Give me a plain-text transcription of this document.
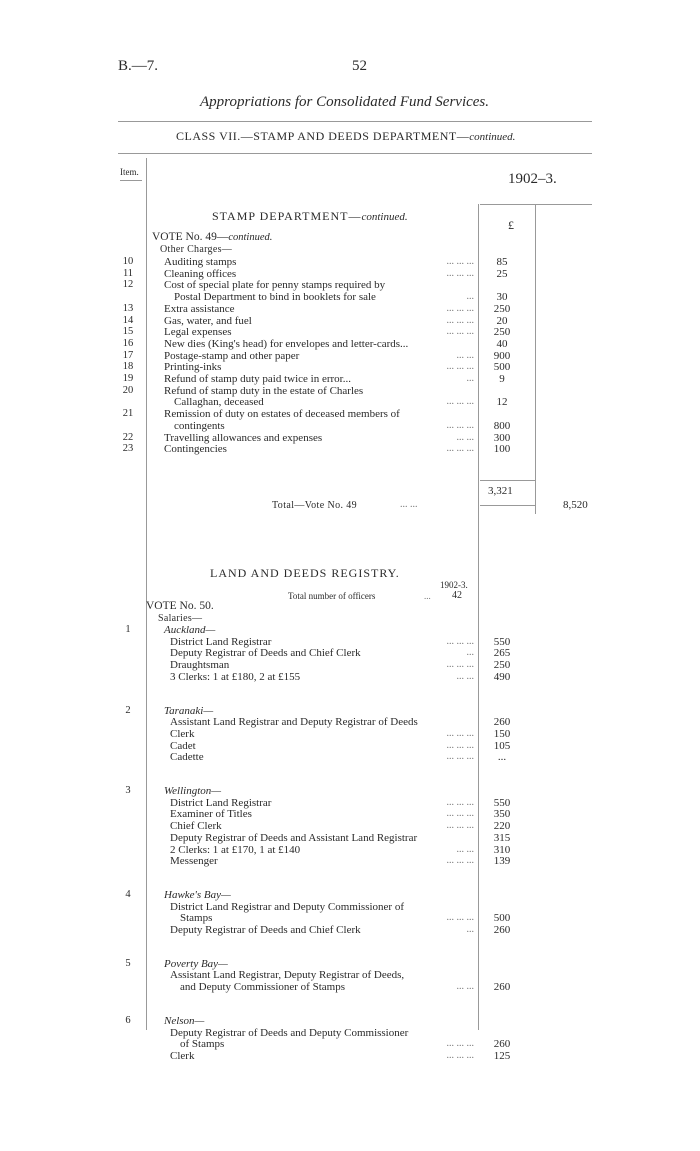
B.—7.	52
Appropriations for Consolidated Fund Services.
CLASS VII.—STAMP AND DEEDS DEPARTMENT—continued.
Item.	1902–3.
£
STAMP DEPARTMENT—continued.
VOTE No. 49—continued.
Other Charges—
10	Auditing stamps	... ... ...	85
11	Cleaning offices	... ... ...	25
12	Cost of special plate for penny stamps required by
Postal Department to bind in booklets for sale	...	30
13	Extra assistance	... ... ...	250
14	Gas, water, and fuel	... ... ...	20
15	Legal expenses	... ... ...	250
16	New dies (King's head) for envelopes and letter-cards...	40
17	Postage-stamp and other paper	... ...	900
18	Printing-inks	... ... ...	500
19	Refund of stamp duty paid twice in error...	...	9
20	Refund of stamp duty in the estate of Charles
Callaghan, deceased	... ... ...	12
21	Remission of duty on estates of deceased members of
contingents	... ... ...	800
22	Travelling allowances and expenses	... ...	300
23	Contingencies	... ... ...	100
3,321
Total—Vote No. 49	... ...	8,520
LAND AND DEEDS REGISTRY.
1902-3.
Total number of officers	... 42
VOTE No. 50.
Salaries—
1	Auckland—
District Land Registrar	... ... ...	550
Deputy Registrar of Deeds and Chief Clerk	...	265
Draughtsman	... ... ...	250
3 Clerks: 1 at £180, 2 at £155	... ...	490
2	Taranaki—
Assistant Land Registrar and Deputy Registrar of Deeds	260
Clerk	... ... ...	150
Cadet	... ... ...	105
Cadette	... ... ...	...
3	Wellington—
District Land Registrar	... ... ...	550
Examiner of Titles	... ... ...	350
Chief Clerk	... ... ...	220
Deputy Registrar of Deeds and Assistant Land Registrar	315
2 Clerks: 1 at £170, 1 at £140	... ...	310
Messenger	... ... ...	139
4	Hawke's Bay—
District Land Registrar and Deputy Commissioner of
Stamps	... ... ...	500
Deputy Registrar of Deeds and Chief Clerk	...	260
5	Poverty Bay—
Assistant Land Registrar, Deputy Registrar of Deeds,
and Deputy Commissioner of Stamps	... ...	260
6	Nelson—
Deputy Registrar of Deeds and Deputy Commissioner
of Stamps	... ... ...	260
Clerk	... ... ...	125
